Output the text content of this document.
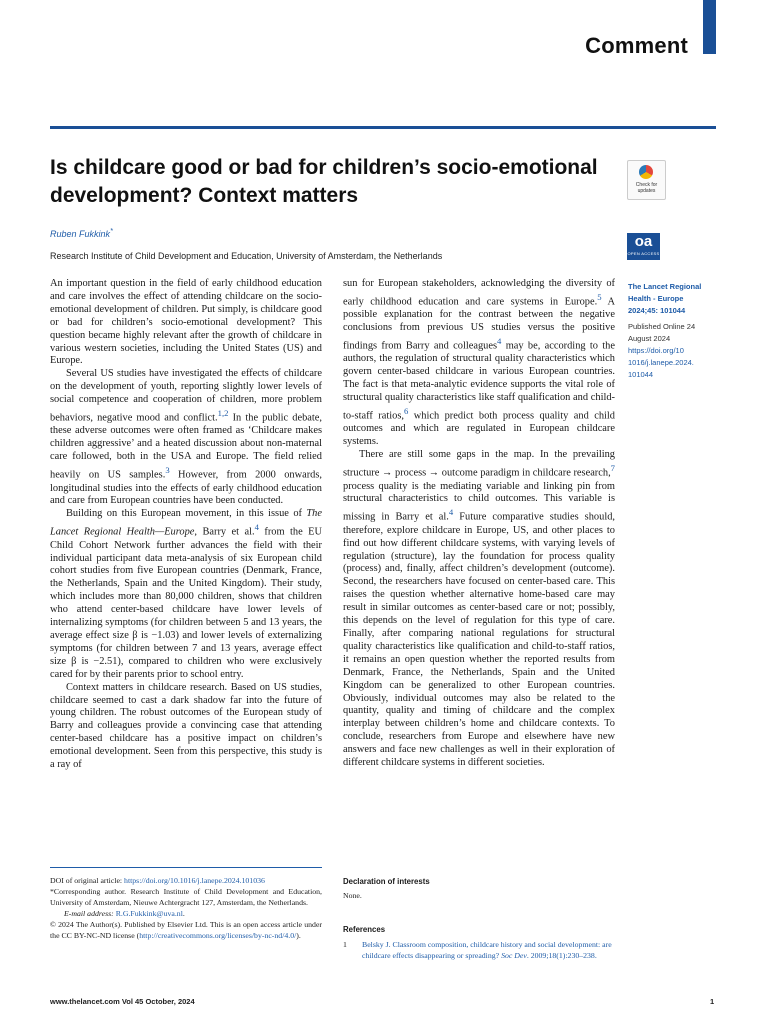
Comment
Is childcare good or bad for children’s socio-emotional development? Context matters
Ruben Fukkink*
Research Institute of Child Development and Education, University of Amsterdam, the Netherlands
Check for updates
oa
OPEN ACCESS
The Lancet Regional
Health - Europe
2024;45: 101044
Published Online 24
August 2024
https://doi.org/10
1016/j.lanepe.2024.
101044

An important question in the field of early childhood education and care involves the effect of attending childcare on the socio-emotional development of children. Put simply, is childcare good or bad for children’s socio-emotional development? This question became highly relevant after the growth of childcare in various western societies, including the United States (US) and Europe.

Several US studies have investigated the effects of childcare on the development of youth, reporting slightly lower levels of social competence and cooperation of children, more problem behaviors, negative mood and conflict.$^{1,2}$ In the public debate, these adverse outcomes were often framed as ‘Childcare makes children aggressive’ and a heated discussion about non-maternal care followed, both in the USA and Europe. The field relied heavily on US samples.$^3$ However, from 2000 onwards, longitudinal studies into the effects of early childhood education and care from European countries have been conducted.

Building on this European movement, in this issue of The Lancet Regional Health—Europe, Barry et al.$^4$ from the EU Child Cohort Network further advances the field with their individual participant data meta-analysis of six European child cohort studies from five European countries (Denmark, France, the Netherlands, Spain and the United Kingdom). Their study, which includes more than 80,000 children, shows that children who attend center-based childcare have lower levels of internalizing symptoms (for children between 5 and 13 years, the average effect size β is −1.03) and lower levels of externalizing symptoms (for children between 7 and 13 years, average effect size β is −2.51), compared to children who were exclusively cared for by their parents prior to school entry.

Context matters in childcare research. Based on US studies, childcare seemed to cast a dark shadow far into the future of young children. The robust outcomes of the European study of Barry and colleagues provide a convincing case that attending center-based childcare has a positive impact on children’s emotional development. Seen from this perspective, this study is a ray of

sun for European stakeholders, acknowledging the diversity of early childhood education and care systems in Europe.$^5$ A possible explanation for the contrast between the negative conclusions from previous US studies versus the positive findings from Barry and colleagues$^4$ may be, according to the authors, the regulation of structural quality characteristics which govern center-based childcare in various European countries. The fact is that meta-analytic evidence supports the vital role of structural quality characteristics like staff qualification and child-to-staff ratios,$^6$ which predict both process quality and child outcomes and which are regulated in European childcare systems.

There are still some gaps in the map. In the prevailing structure → process → outcome paradigm in childcare research,$^7$ process quality is the mediating variable and linking pin from structural characteristics to child outcomes. This variable is missing in Barry et al.$^4$ Future comparative studies should, therefore, explore childcare in Europe, US, and other places to find out how different childcare systems, with varying levels of regulation (structure), lay the foundation for process quality (process) and, finally, affect children’s development (outcome). Second, the researchers have focused on center-based care. This raises the question whether alternative home-based care may result in similar outcomes as center-based care or not; possibly, this depends on the level of regulation for this type of care. Finally, after comparing national regulations for structural quality characteristics like qualification and child-to-staff ratios, it remains an open question whether the reported results from Denmark, France, the Netherlands, Spain and the United Kingdom can be generalized to other European countries. Obviously, individual outcomes may also be related to the quantity, quality and timing of childcare and the complex interplay between children’s home and childcare contexts. To conclude, researchers from Europe and elsewhere have new answers and face new challenges as well in their exploration of different childcare systems in different societies.

DOI of original article: https://doi.org/10.1016/j.lanepe.2024.101036

*Corresponding author. Research Institute of Child Development and Education, University of Amsterdam, Nieuwe Achtergracht 127, Amsterdam, the Netherlands.

E-mail address: R.G.Fukkink@uva.nl.

© 2024 The Author(s). Published by Elsevier Ltd. This is an open access article under the CC BY-NC-ND license (http://creativecommons.org/licenses/by-nc-nd/4.0/).

Declaration of interests
None.
References
1	Belsky J. Classroom composition, childcare history and social development: are childcare effects disappearing or spreading? Soc Dev. 2009;18(1):230–238.
www.thelancet.com Vol 45 October, 2024	1
